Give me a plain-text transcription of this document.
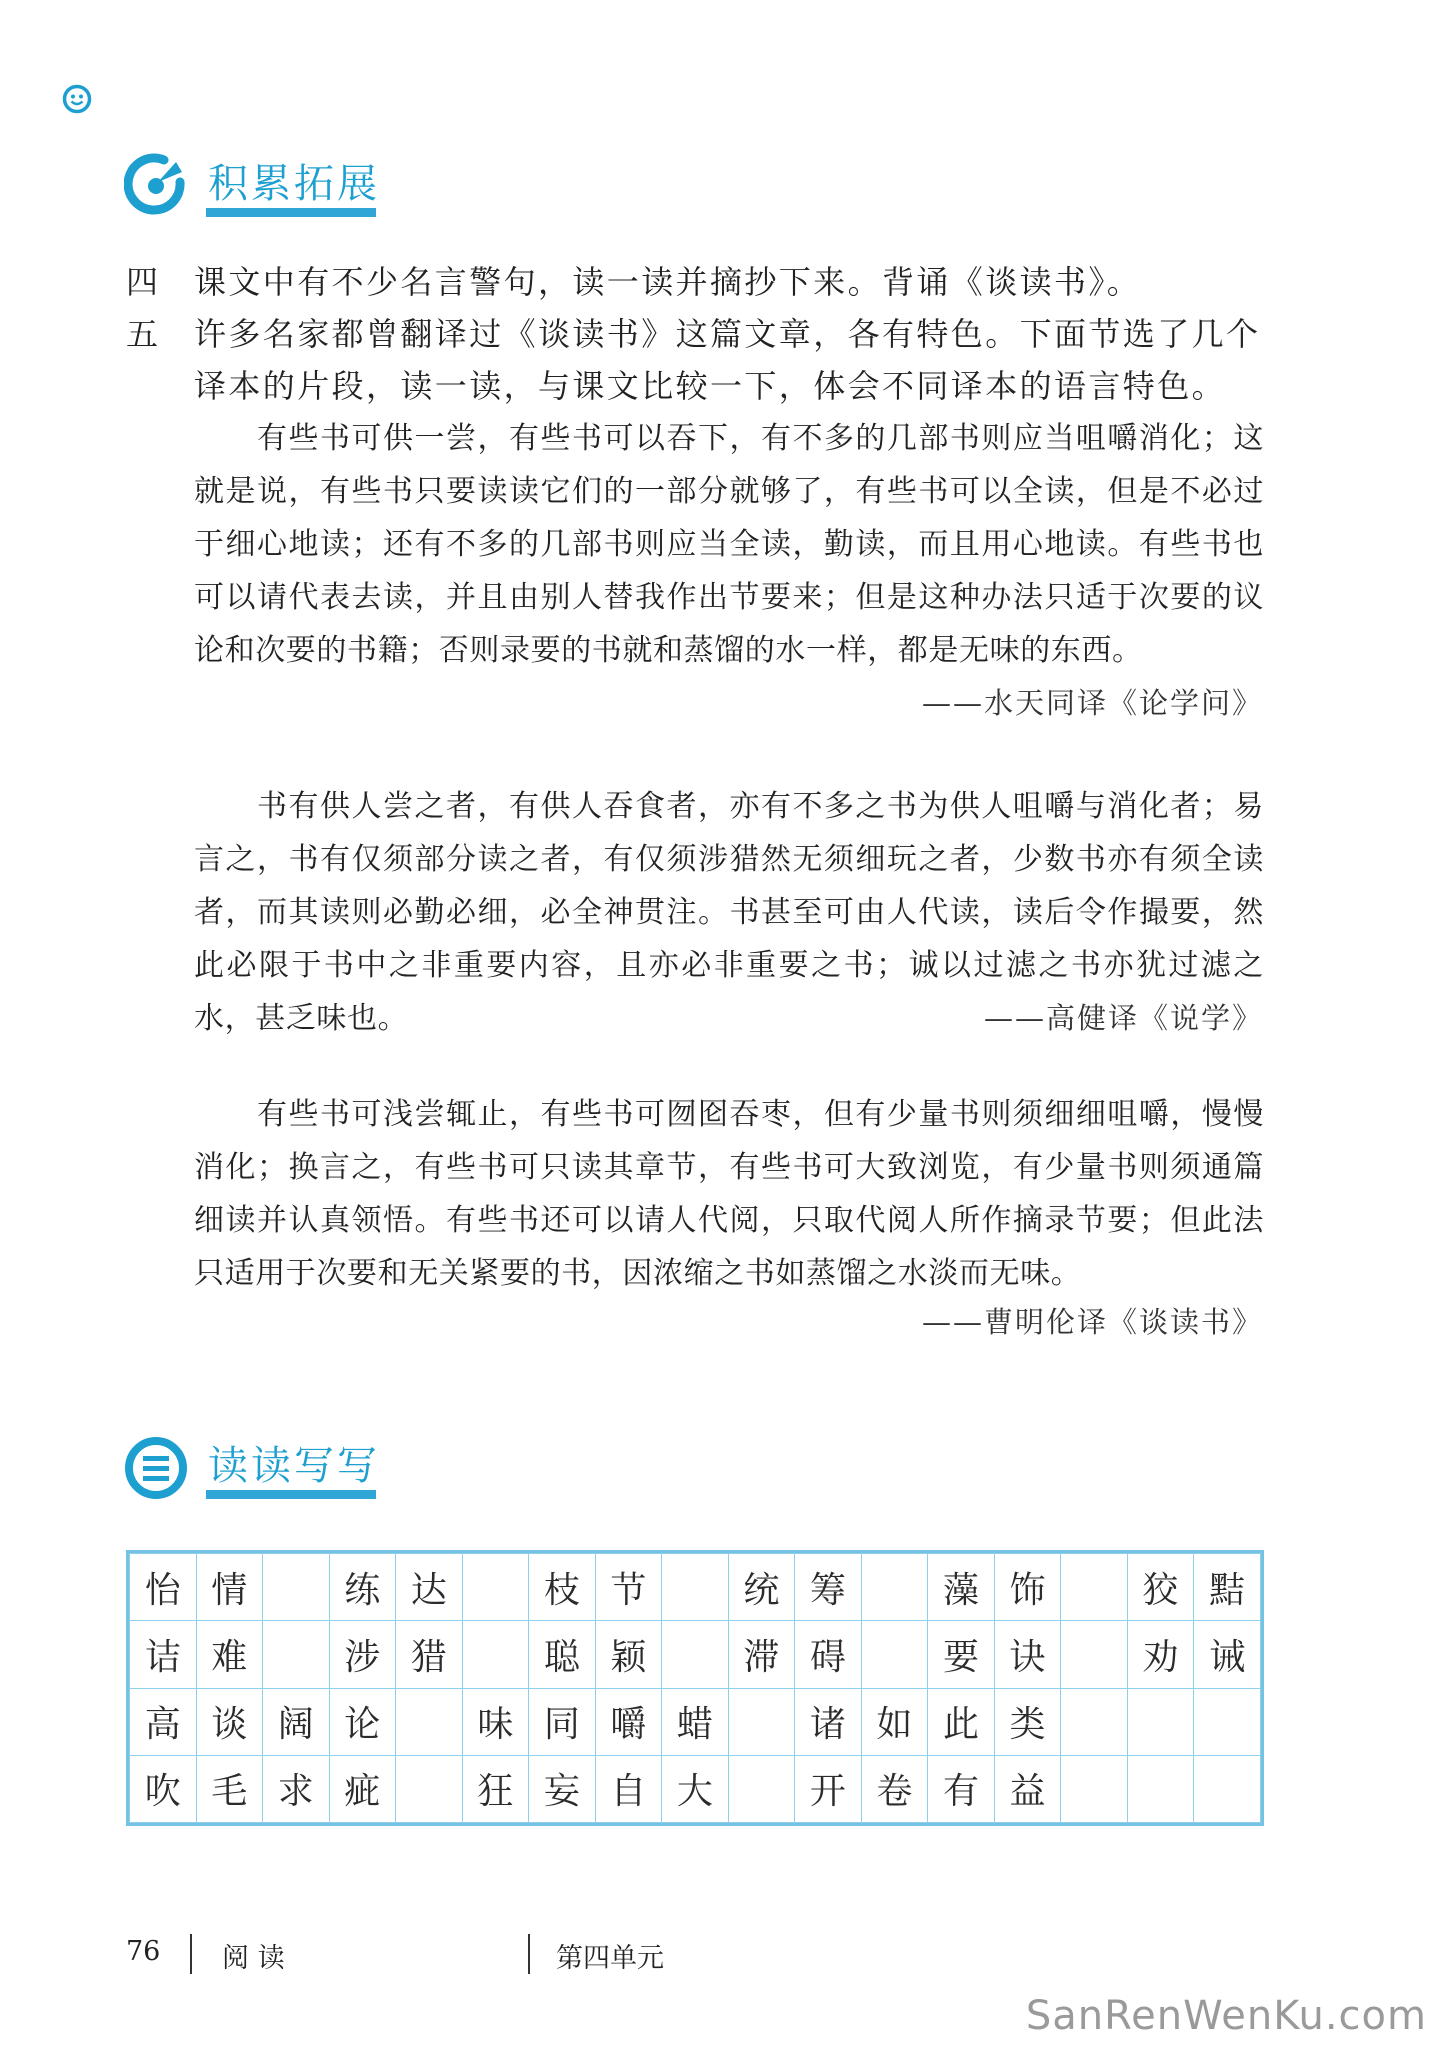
积累拓展
四 课文中有不少名言警句，读一读并摘抄下来。背诵《谈读书》。
五 许多名家都曾翻译过《谈读书》这篇文章，各有特色。下面节选了几个译本的片段，读一读，与课文比较一下，体会不同译本的语言特色。
有些书可供一尝，有些书可以吞下，有不多的几部书则应当咀嚼消化；这就是说，有些书只要读读它们的一部分就够了，有些书可以全读，但是不必过于细心地读；还有不多的几部书则应当全读，勤读，而且用心地读。有些书也可以请代表去读，并且由别人替我作出节要来；但是这种办法只适于次要的议论和次要的书籍；否则录要的书就和蒸馏的水一样，都是无味的东西。
——水天同译《论学问》
书有供人尝之者，有供人吞食者，亦有不多之书为供人咀嚼与消化者；易言之，书有仅须部分读之者，有仅须涉猎然无须细玩之者，少数书亦有须全读者，而其读则必勤必细，必全神贯注。书甚至可由人代读，读后令作撮要，然此必限于书中之非重要内容，且亦必非重要之书；诚以过滤之书亦犹过滤之水，甚乏味也。	——高健译《说学》
有些书可浅尝辄止，有些书可囫囵吞枣，但有少量书则须细细咀嚼，慢慢消化；换言之，有些书可只读其章节，有些书可大致浏览，有少量书则须通篇细读并认真领悟。有些书还可以请人代阅，只取代阅人所作摘录节要；但此法只适用于次要和无关紧要的书，因浓缩之书如蒸馏之水淡而无味。
——曹明伦译《谈读书》
读读写写
怡	情		练	达		枝	节		统	筹		藻	饰		狡	黠
诘	难		涉	猎		聪	颖		滞	碍		要	诀		劝	诫
高	谈	阔	论		味	同	嚼	蜡		诸	如	此	类			
吹	毛	求	疵		狂	妄	自	大		开	卷	有	益			
76 阅 读	第四单元
SanRenWenKu.com
